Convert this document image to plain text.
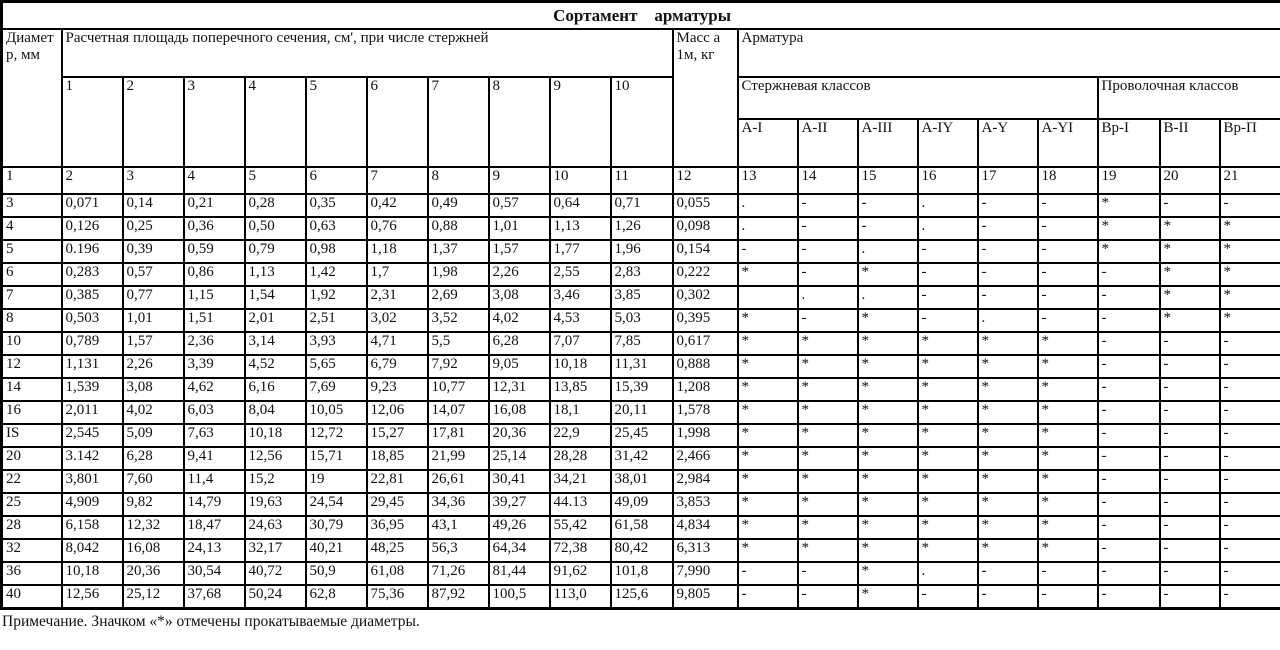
Сортамент    арматуры																				
Диаметр, мм	Расчетная площадь поперечного сечения, см', при числе стержней										Масс а 1м, кг	Арматура								
	1	2	3	4	5	6	7	8	9	10		Стержневая классов						Проволочная классов		
												А-I	А-II	А-III	А-IY	А-Y	А-YI	Вр-I	В-II	Вр-П
1	2	3	4	5	6	7	8	9	10	11	12	13	14	15	16	17	18	19	20	21
3	0,071	0,14	0,21	0,28	0,35	0,42	0,49	0,57	0,64	0,71	0,055	.	-	-	.	-	-	*	-	-
4	0,126	0,25	0,36	0,50	0,63	0,76	0,88	1,01	1,13	1,26	0,098	.	-	-	.	-	-	*	*	*
5	0.196	0,39	0,59	0,79	0,98	1,18	1,37	1,57	1,77	1,96	0,154	-	-	.	-	-	-	*	*	*
6	0,283	0,57	0,86	1,13	1,42	1,7	1,98	2,26	2,55	2,83	0,222	*	-	*	-	-	-	-	*	*
7	0,385	0,77	1,15	1,54	1,92	2,31	2,69	3,08	3,46	3,85	0,302		.	.	-	-	-	-	*	*
8	0,503	1,01	1,51	2,01	2,51	3,02	3,52	4,02	4,53	5,03	0,395	*	-	*	-	.	-	-	*	*
10	0,789	1,57	2,36	3,14	3,93	4,71	5,5	6,28	7,07	7,85	0,617	*	*	*	*	*	*	-	-	-
12	1,131	2,26	3,39	4,52	5,65	6,79	7,92	9,05	10,18	11,31	0,888	*	*	*	*	*	*	-	-	-
14	1,539	3,08	4,62	6,16	7,69	9,23	10,77	12,31	13,85	15,39	1,208	*	*	*	*	*	*	-	-	-
16	2,011	4,02	6,03	8,04	10,05	12,06	14,07	16,08	18,1	20,11	1,578	*	*	*	*	*	*	-	-	-
IS	2,545	5,09	7,63	10,18	12,72	15,27	17,81	20,36	22,9	25,45	1,998	*	*	*	*	*	*	-	-	-
20	3.142	6,28	9,41	12,56	15,71	18,85	21,99	25,14	28,28	31,42	2,466	*	*	*	*	*	*	-	-	-
22	3,801	7,60	11,4	15,2	19	22,81	26,61	30,41	34,21	38,01	2,984	*	*	*	*	*	*	-	-	-
25	4,909	9,82	14,79	19,63	24,54	29,45	34,36	39,27	44.13	49,09	3,853	*	*	*	*	*	*	-	-	-
28	6,158	12,32	18,47	24,63	30,79	36,95	43,1	49,26	55,42	61,58	4,834	*	*	*	*	*	*	-	-	-
32	8,042	16,08	24,13	32,17	40,21	48,25	56,3	64,34	72,38	80,42	6,313	*	*	*	*	*	*	-	-	-
36	10,18	20,36	30,54	40,72	50,9	61,08	71,26	81,44	91,62	101,8	7,990	-	-	*	.	-	-	-	-	-
40	12,56	25,12	37,68	50,24	62,8	75,36	87,92	100,5	113,0	125,6	9,805	-	-	*	-	-	-	-	-	-
Примечание. Значком «*» отмечены прокатываемые диаметры.
